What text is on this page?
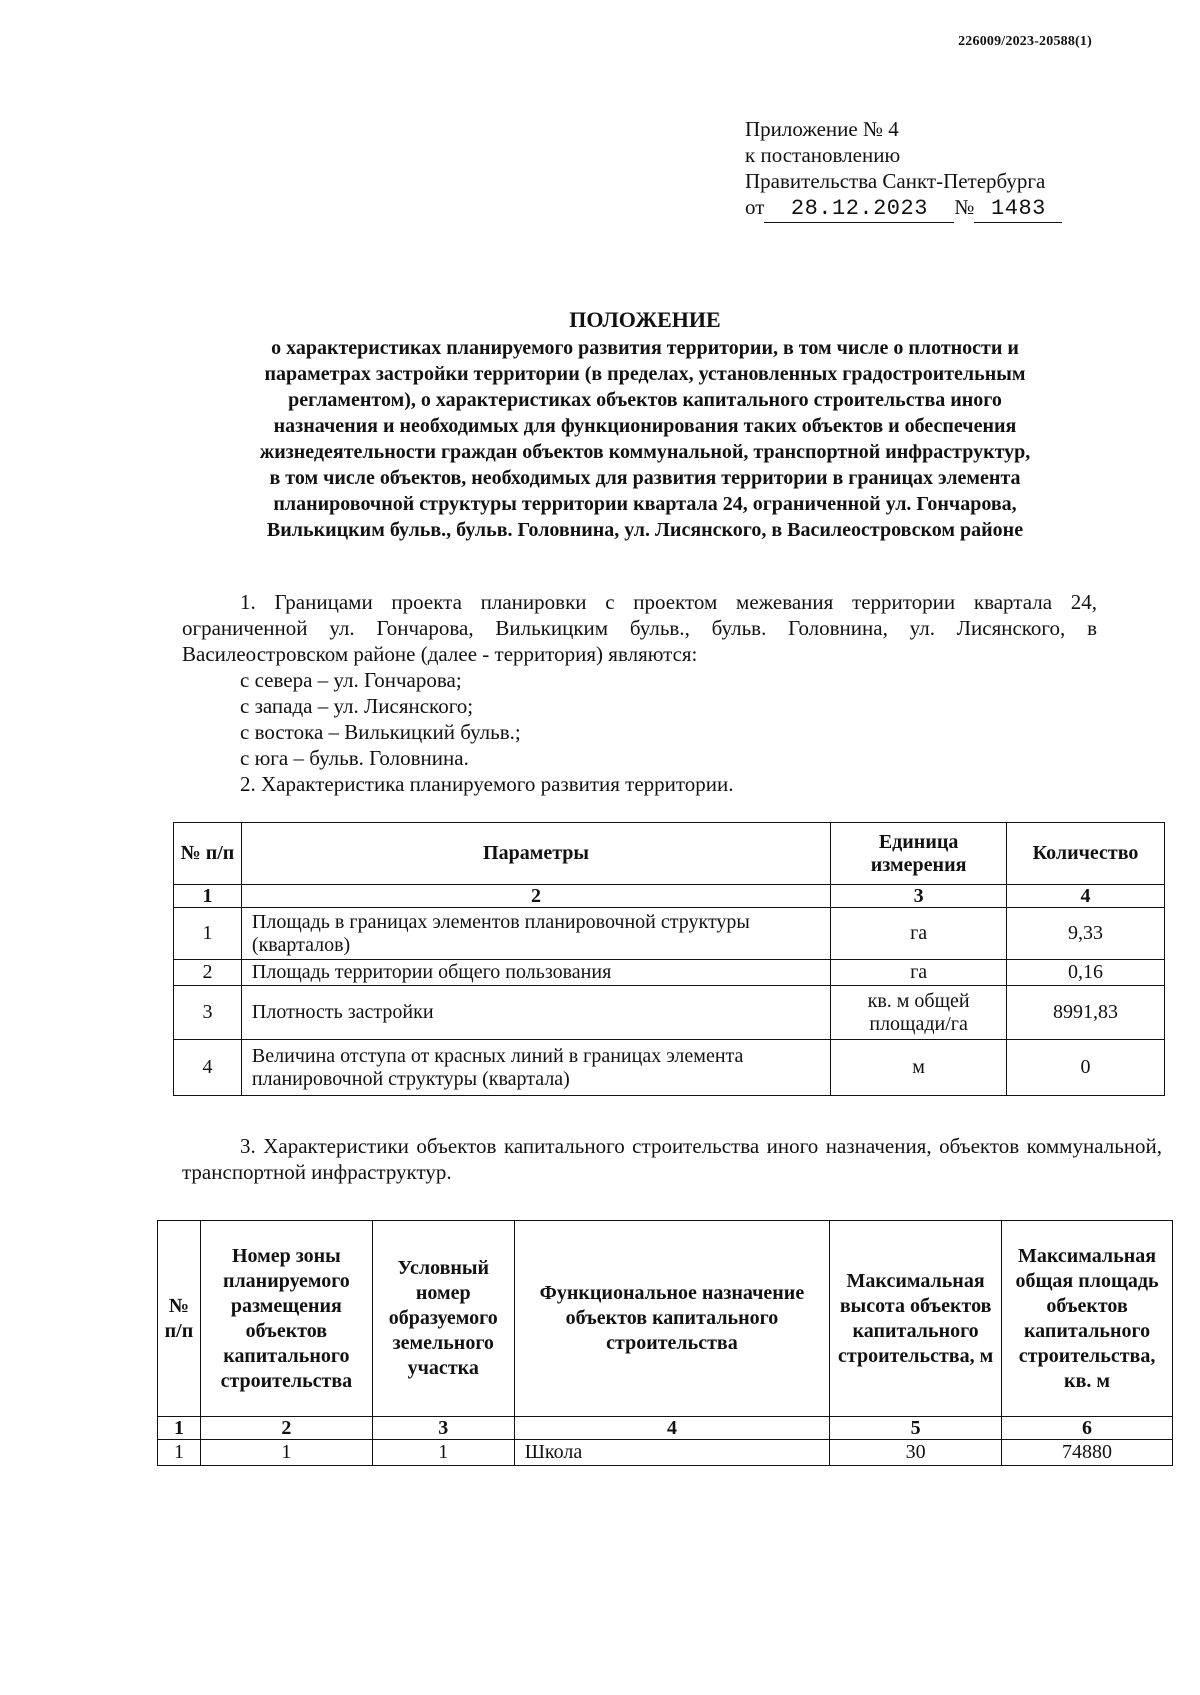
226009/2023-20588(1)
Приложение № 4
к постановлению
Правительства Санкт-Петербурга
от 28.12.2023 № 1483
ПОЛОЖЕНИЕ
о характеристиках планируемого развития территории, в том числе о плотности и
параметрах застройки территории (в пределах, установленных градостроительным
регламентом), о характеристиках объектов капитального строительства иного
назначения и необходимых для функционирования таких объектов и обеспечения
жизнедеятельности граждан объектов коммунальной, транспортной инфраструктур,
в том числе объектов, необходимых для развития территории в границах элемента
планировочной структуры территории квартала 24, ограниченной ул. Гончарова,
Вилькицким бульв., бульв. Головнина, ул. Лисянского, в Василеостровском районе
1. Границами проекта планировки с проектом межевания территории квартала 24, ограниченной ул. Гончарова, Вилькицким бульв., бульв. Головнина, ул. Лисянского, в Василеостровском районе (далее - территория) являются:
с севера – ул. Гончарова;
с запада – ул. Лисянского;
с востока – Вилькицкий бульв.;
с юга – бульв. Головнина.
2. Характеристика планируемого развития территории.
№ п/п	Параметры	Единица измерения	Количество
1	2	3	4
1	Площадь в границах элементов планировочной структуры (кварталов)	га	9,33
2	Площадь территории общего пользования	га	0,16
3	Плотность застройки	кв. м общей площади/га	8991,83
4	Величина отступа от красных линий в границах элемента планировочной структуры (квартала)	м	0
3. Характеристики объектов капитального строительства иного назначения, объектов коммунальной, транспортной инфраструктур.
№ п/п	Номер зоны планируемого размещения объектов капитального строительства	Условный номер образуемого земельного участка	Функциональное назначение объектов капитального строительства	Максимальная высота объектов капитального строительства, м	Максимальная общая площадь объектов капитального строительства, кв. м
1	2	3	4	5	6
1	1	1	Школа	30	74880
